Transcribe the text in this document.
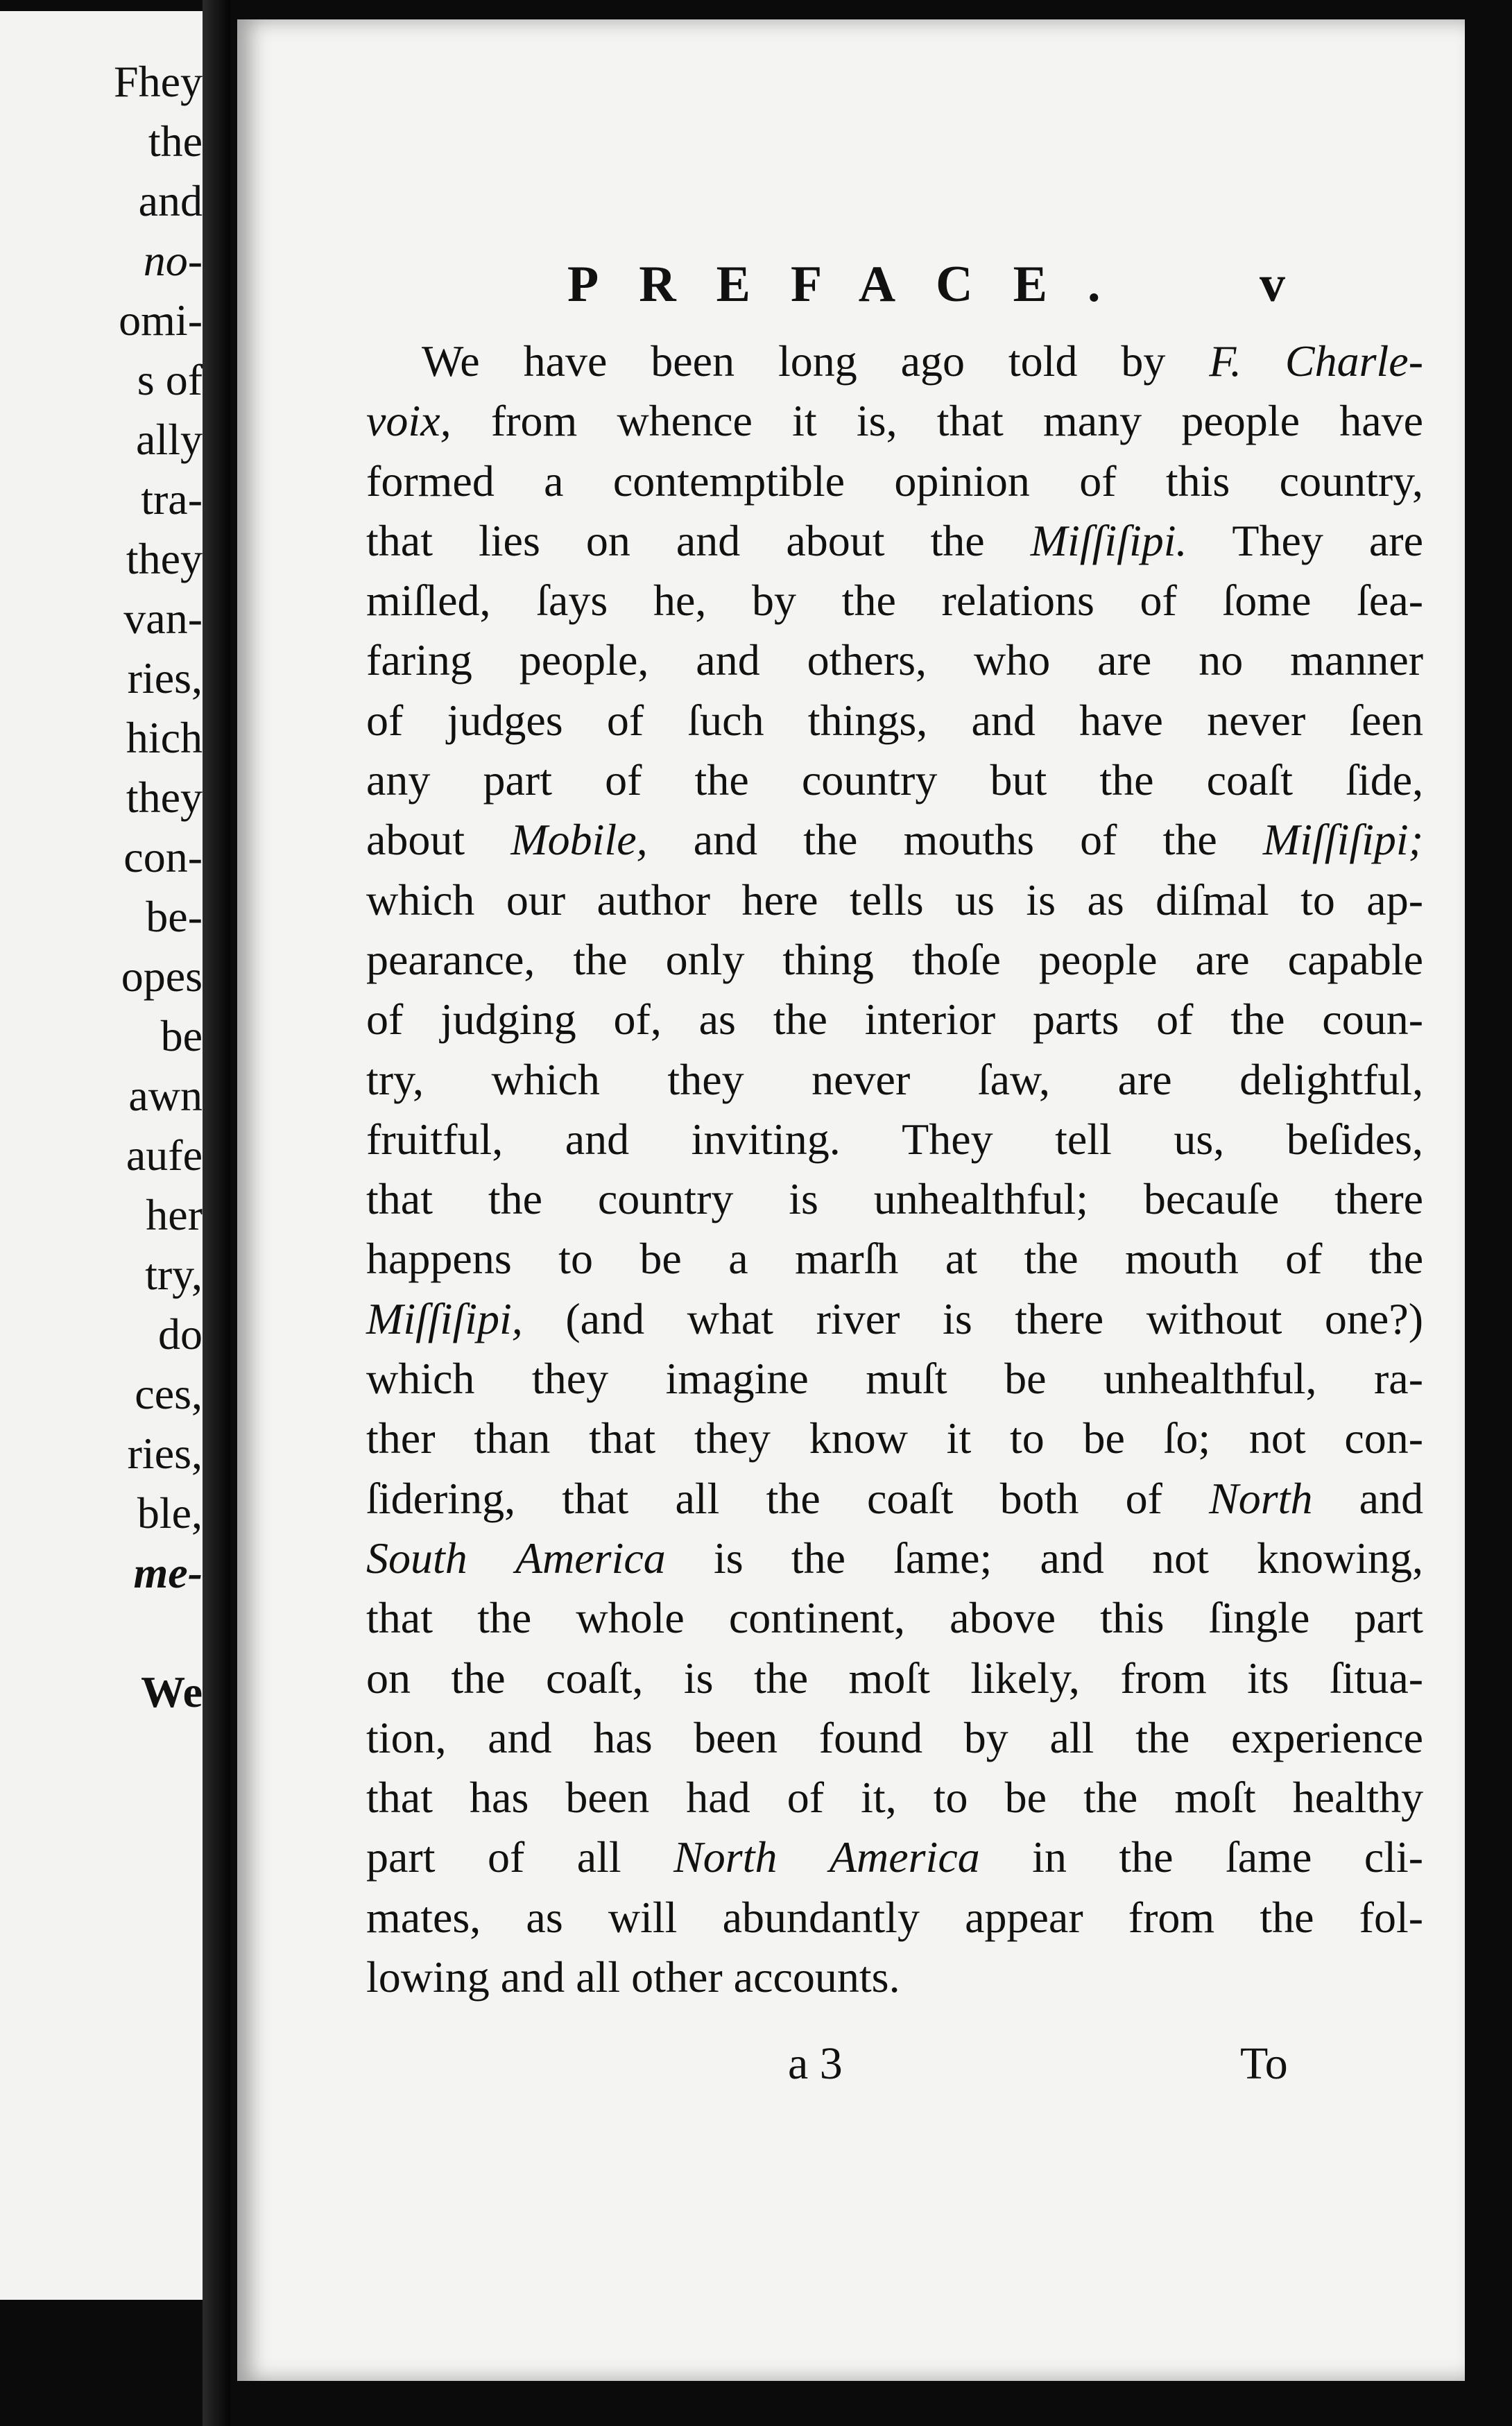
Fhey
the
and
no-
omi-
s of
ally
tra-
they
van-
ries,
hich
they
con-
be-
opes
be
awn
aufe
her
try,
do
ces,
ries,
ble,
me-
We
PREFACE. v
We have been long ago told by F. Charle-
voix, from whence it is, that many people have
formed a contemptible opinion of this country,
that lies on and about the Miſſiſipi. They are
miſled, ſays he, by the relations of ſome ſea-
faring people, and others, who are no manner
of judges of ſuch things, and have never ſeen
any part of the country but the coaſt ſide,
about Mobile, and the mouths of the Miſſiſipi;
which our author here tells us is as diſmal to ap-
pearance, the only thing thoſe people are capable
of judging of, as the interior parts of the coun-
try, which they never ſaw, are delightful,
fruitful, and inviting. They tell us, beſides,
that the country is unhealthful; becauſe there
happens to be a marſh at the mouth of the
Miſſiſipi, (and what river is there without one?)
which they imagine muſt be unhealthful, ra-
ther than that they know it to be ſo; not con-
ſidering, that all the coaſt both of North and
South America is the ſame; and not knowing,
that the whole continent, above this ſingle part
on the coaſt, is the moſt likely, from its ſitua-
tion, and has been found by all the experience
that has been had of it, to be the moſt healthy
part of all North America in the ſame cli-
mates, as will abundantly appear from the fol-
lowing and all other accounts.
a 3	To
